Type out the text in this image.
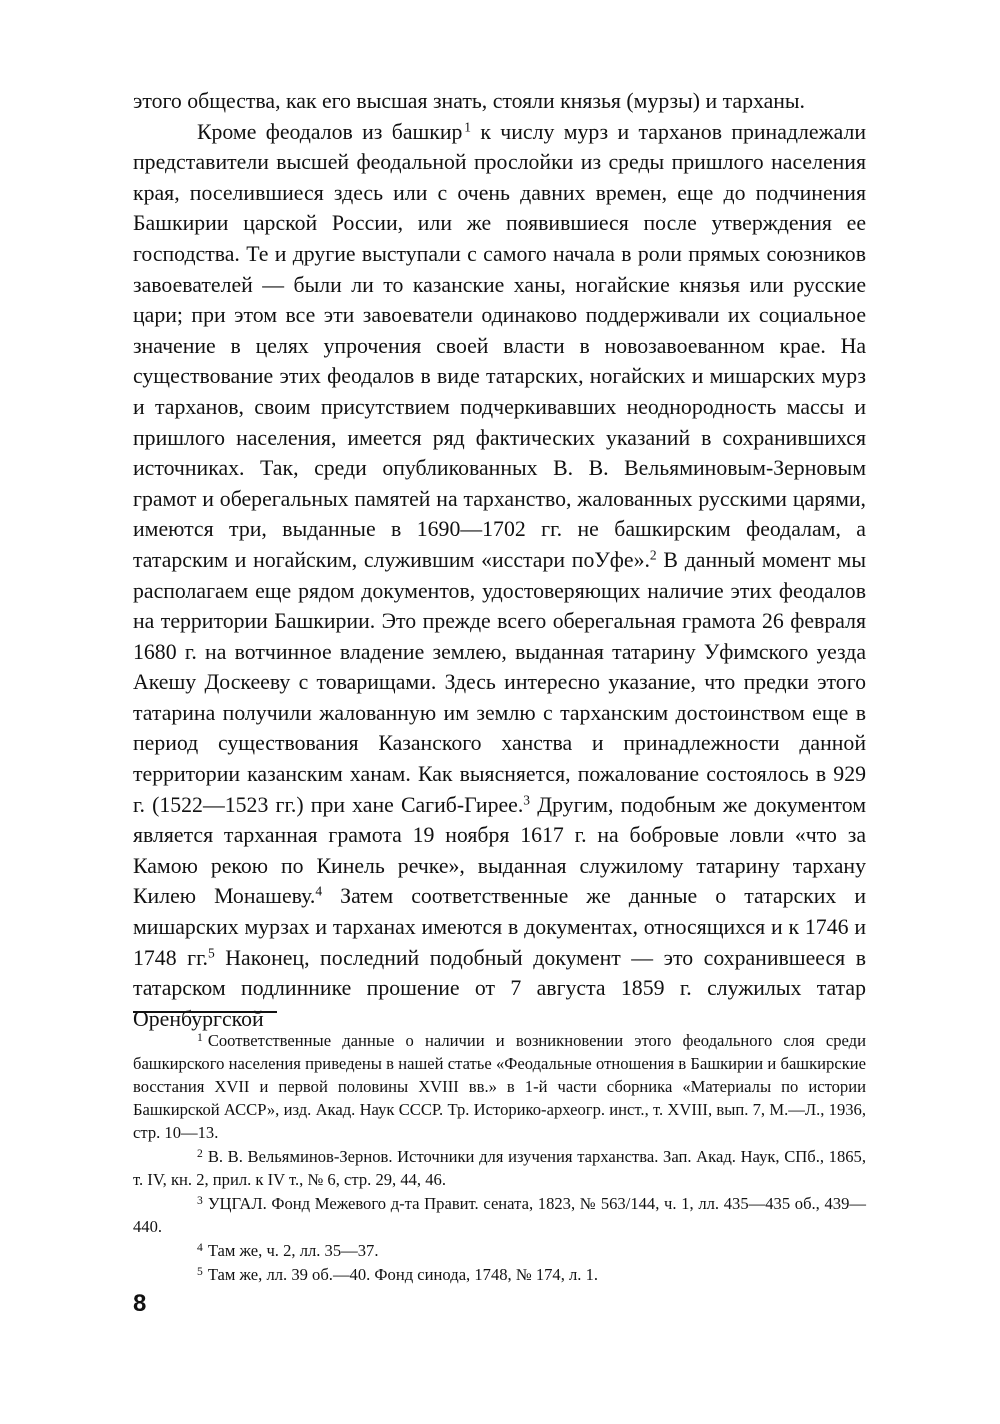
этого общества, как его высшая знать, стояли князья (мурзы) и тарханы.

Кроме феодалов из башкир  $^1$ к числу мурз и тарханов принадлежали представители высшей феодальной прослойки из среды пришлого населения края, поселившиеся здесь или с очень давних времен, еще до подчинения Башкирии царской России, или же появившиеся после утверждения ее господства. Те и другие выступали с самого начала в роли прямых союзников завоевателей — были ли то казанские ханы, ногайские князья или русские цари; при этом все эти завоеватели одинаково поддерживали их социальное значение в целях упрочения своей власти в новозавоеванном крае. На существование этих феодалов в виде татарских, ногайских и мишарских мурз и тарханов, своим присутствием подчеркивавших неоднородность массы и пришлого населения, имеется ряд фактических указаний в сохранившихся источниках. Так, среди опубликованных В. В. Вельяминовым-Зерновым грамот и оберегальных памятей на тарханство, жалованных русскими царями, имеются три, выданные в 1690—1702 гг. не башкирским феодалам, а татарским и ногайским, служившим «исстари поУфе».$^2$ В данный момент мы располагаем еще рядом документов, удостоверяющих наличие этих феодалов на территории Башкирии. Это прежде всего оберегальная грамота 26 февраля 1680 г. на вотчинное владение землею, выданная татарину Уфимского уезда Акешу Доскееву с товарищами. Здесь интересно указание, что предки этого татарина получили жалованную им землю с тарханским достоинством еще в период существования Казанского ханства и принадлежности данной территории казанским ханам. Как выясняется, пожалование состоялось в 929 г. (1522—1523 гг.) при хане Сагиб-Гирее.$^3$ Другим, подобным же документом является тарханная грамота 19 ноября 1617 г. на бобровые ловли «что за Камою рекою по Кинель речке», выданная служилому татарину тархану Килею Монашеву.$^4$ Затем соответственные же данные о татарских и мишарских мурзах и тарханах имеются в документах, относящихся и к 1746 и 1748 гг.$^5$ Наконец, последний подобный документ — это сохранившееся в татарском подлиннике прошение от 7 августа 1859 г. служилых татар Оренбургской

$^1$ Соответственные данные о наличии и возникновении этого феодального слоя среди башкирского населения приведены в нашей статье «Феодальные отношения в Башкирии и башкирские восстания XVII и первой половины XVIII вв.» в 1-й части сборника «Материалы по истории Башкирской АССР», изд. Акад. Наук СССР. Тр. Историко-археогр. инст., т. XVIII, вып. 7, М.—Л., 1936, стр. 10—13.

$^2$ В. В. Вельяминов-Зернов. Источники для изучения тарханства. Зап. Акад. Наук, СПб., 1865, т. IV, кн. 2, прил. к IV т., № 6, стр. 29, 44, 46.

$^3$ УЦГАЛ. Фонд Межевого д-та Правит. сената, 1823, № 563/144, ч. 1, лл. 435—435 об., 439—440.

$^4$ Там же, ч. 2, лл. 35—37.

$^5$ Там же, лл. 39 об.—40. Фонд синода, 1748, № 174, л. 1.

8
